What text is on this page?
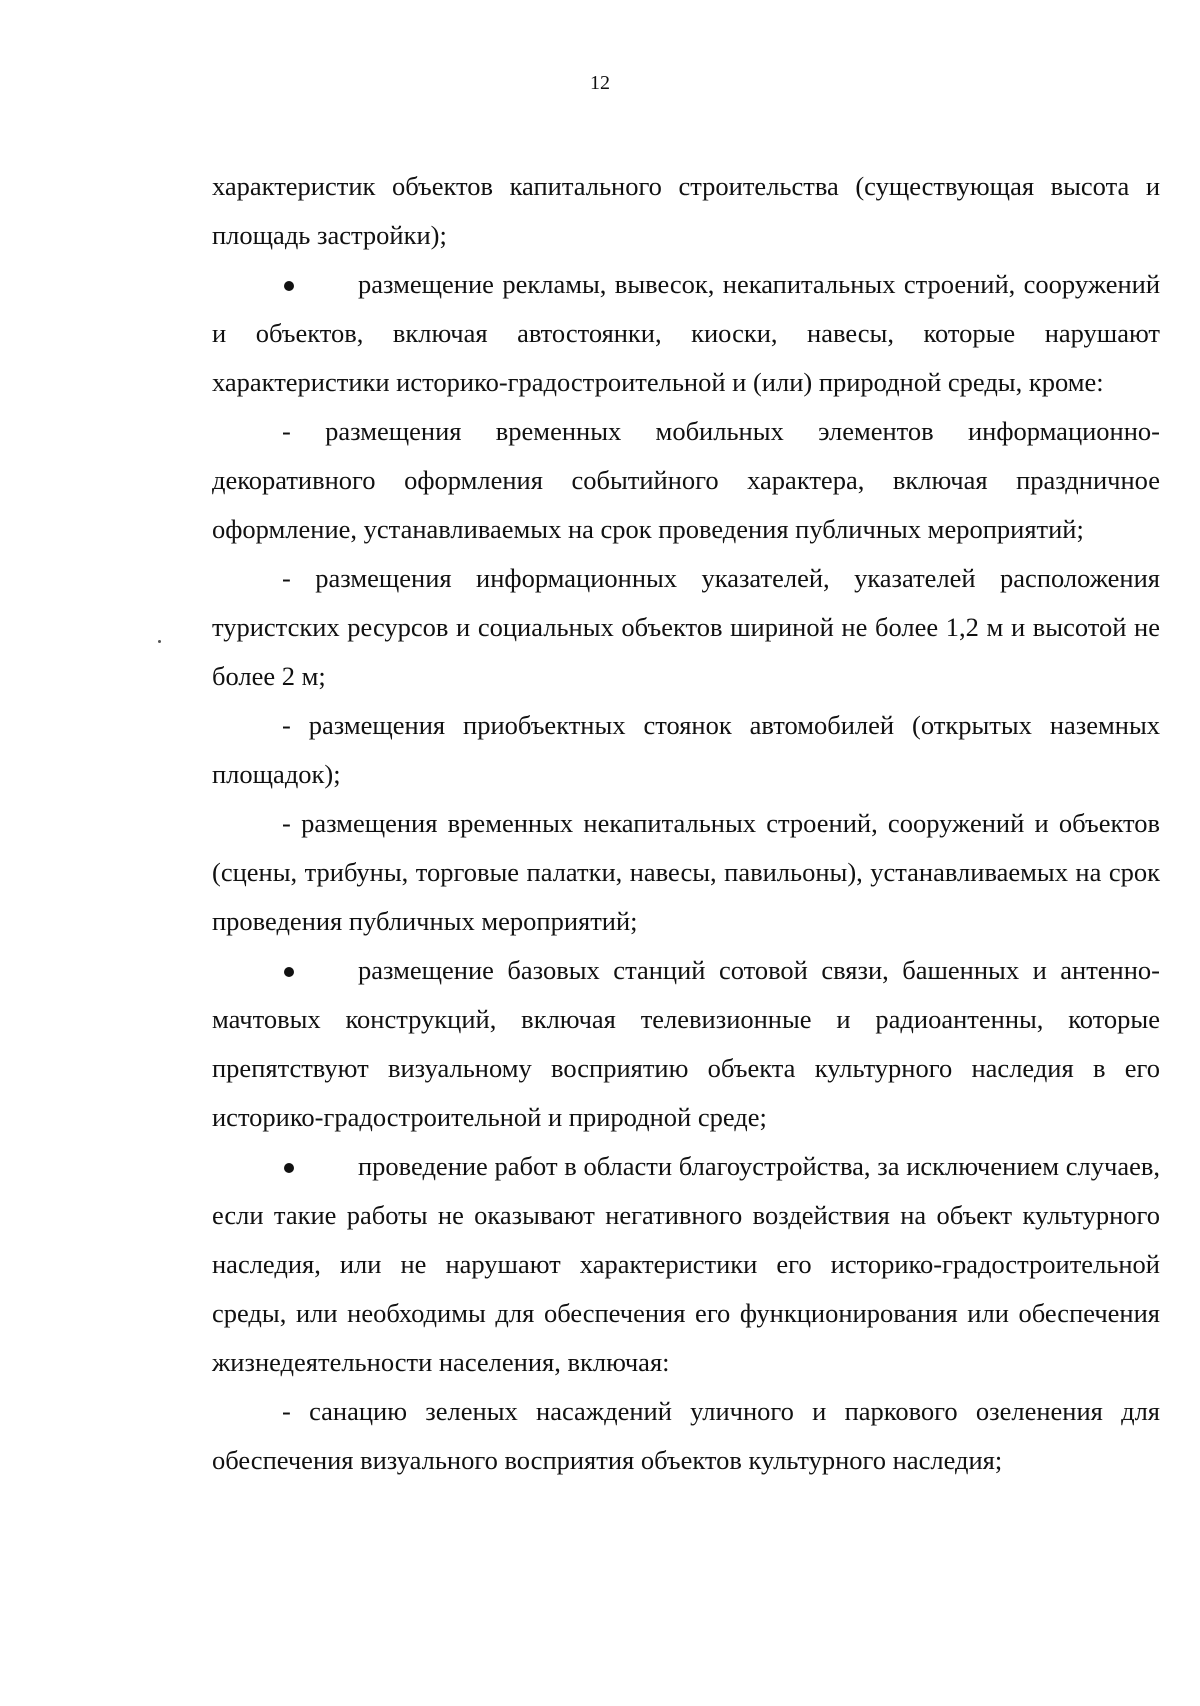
12

характеристик объектов капитального строительства (существующая высота и площадь застройки);

размещение рекламы, вывесок, некапитальных строений, сооружений и объектов, включая автостоянки, киоски, навесы, которые нарушают характеристики историко-градостроительной и (или) природной среды, кроме:

- размещения временных мобильных элементов информационно-декоративного оформления событийного характера, включая праздничное оформление, устанавливаемых на срок проведения публичных мероприятий;

- размещения информационных указателей, указателей расположения туристских ресурсов и социальных объектов шириной не более 1,2 м и высотой не более 2 м;

- размещения приобъектных стоянок автомобилей (открытых наземных площадок);

- размещения временных некапитальных строений, сооружений и объектов (сцены, трибуны, торговые палатки, навесы, павильоны), устанавливаемых на срок проведения публичных мероприятий;

размещение базовых станций сотовой связи, башенных и антенно-мачтовых конструкций, включая телевизионные и радиоантенны, которые препятствуют визуальному восприятию объекта культурного наследия в его историко-градостроительной и природной среде;

проведение работ в области благоустройства, за исключением случаев, если такие работы не оказывают негативного воздействия на объект культурного наследия, или не нарушают характеристики его историко-градостроительной среды, или необходимы для обеспечения его функционирования или обеспечения жизнедеятельности населения, включая:

- санацию зеленых насаждений уличного и паркового озеленения для обеспечения визуального восприятия объектов культурного наследия;
